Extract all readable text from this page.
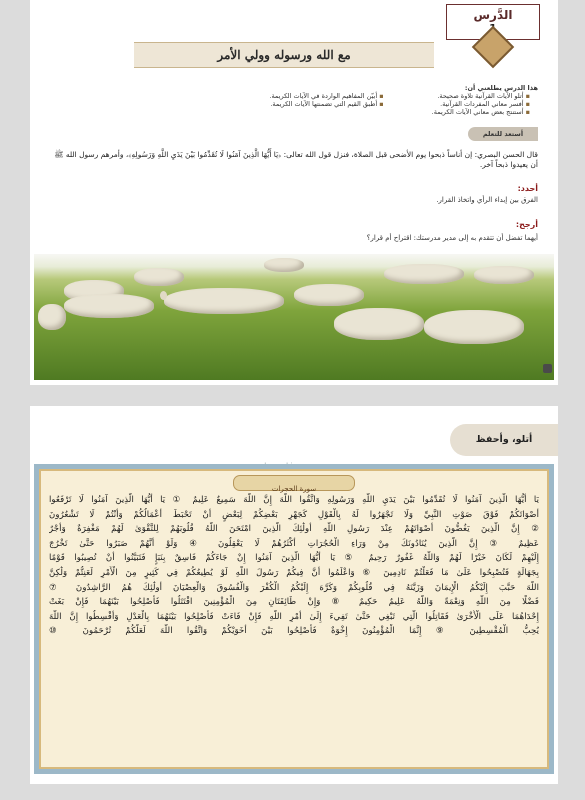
الدَّرس
مع الله ورسوله وولي الأمر
هذا الدرس يطلعني أن:
▪ أتلو الآيات القرآنية تلاوة صحيحة.
▪ أفسر معاني المفردات القرآنية.
▪ أستنتج بعض معاني الآيات الكريمة.
▪ أبيّن المفاهيم الواردة في الآيات الكريمة.
▪ أطبق القيم التي تضمنتها الآيات الكريمة.
أستعد للتعلم
قال الحسن البصري: إن أناساً ذبحوا يوم الأضحى قبل الصلاة، فنزل قول الله تعالى: ﴿يَا أَيُّهَا الَّذِينَ آمَنُوا لَا تُقَدِّمُوا بَيْنَ يَدَيِ اللَّهِ وَرَسُولِهِ﴾، وأمرهم رسول الله ﷺ أن يعيدوا ذبحاً آخر.
أحدد:
الفرق بين إبداء الرأي واتخاذ القرار.
أرجح:
أيهما تفضل أن تتقدم به إلى مدير مدرستك: اقتراح أم قرار؟
أتلو، وأحفظ
سورة الحجرات
يَا أَيُّهَا الَّذِينَ آمَنُوا لَا تُقَدِّمُوا بَيْنَ يَدَيِ اللَّهِ وَرَسُولِهِ وَاتَّقُوا اللَّهَ إِنَّ اللَّهَ سَمِيعٌ عَلِيمٌ ① يَا أَيُّهَا الَّذِينَ آمَنُوا لَا تَرْفَعُوا
أَصْوَاتَكُمْ فَوْقَ صَوْتِ النَّبِيِّ وَلَا تَجْهَرُوا لَهُ بِالْقَوْلِ كَجَهْرِ بَعْضِكُمْ لِبَعْضٍ أَنْ تَحْبَطَ أَعْمَالُكُمْ وَأَنْتُمْ لَا تَشْعُرُونَ
② إِنَّ الَّذِينَ يَغُضُّونَ أَصْوَاتَهُمْ عِنْدَ رَسُولِ اللَّهِ أُولَٰئِكَ الَّذِينَ امْتَحَنَ اللَّهُ قُلُوبَهُمْ لِلتَّقْوَىٰ لَهُمْ مَغْفِرَةٌ وَأَجْرٌ
عَظِيمٌ ③ إِنَّ الَّذِينَ يُنَادُونَكَ مِنْ وَرَاءِ الْحُجُرَاتِ أَكْثَرُهُمْ لَا يَعْقِلُونَ ④ وَلَوْ أَنَّهُمْ صَبَرُوا حَتَّىٰ تَخْرُجَ
إِلَيْهِمْ لَكَانَ خَيْرًا لَهُمْ وَاللَّهُ غَفُورٌ رَحِيمٌ ⑤ يَا أَيُّهَا الَّذِينَ آمَنُوا إِنْ جَاءَكُمْ فَاسِقٌ بِنَبَإٍ فَتَبَيَّنُوا أَنْ تُصِيبُوا قَوْمًا
بِجَهَالَةٍ فَتُصْبِحُوا عَلَىٰ مَا فَعَلْتُمْ نَادِمِينَ ⑥ وَاعْلَمُوا أَنَّ فِيكُمْ رَسُولَ اللَّهِ لَوْ يُطِيعُكُمْ فِي كَثِيرٍ مِنَ الْأَمْرِ لَعَنِتُّمْ وَلَٰكِنَّ
اللَّهَ حَبَّبَ إِلَيْكُمُ الْإِيمَانَ وَزَيَّنَهُ فِي قُلُوبِكُمْ وَكَرَّهَ إِلَيْكُمُ الْكُفْرَ وَالْفُسُوقَ وَالْعِصْيَانَ أُولَٰئِكَ هُمُ الرَّاشِدُونَ ⑦
فَضْلًا مِنَ اللَّهِ وَنِعْمَةً وَاللَّهُ عَلِيمٌ حَكِيمٌ ⑧ وَإِنْ طَائِفَتَانِ مِنَ الْمُؤْمِنِينَ اقْتَتَلُوا فَأَصْلِحُوا بَيْنَهُمَا فَإِنْ بَغَتْ
إِحْدَاهُمَا عَلَى الْأُخْرَىٰ فَقَاتِلُوا الَّتِي تَبْغِي حَتَّىٰ تَفِيءَ إِلَىٰ أَمْرِ اللَّهِ فَإِنْ فَاءَتْ فَأَصْلِحُوا بَيْنَهُمَا بِالْعَدْلِ وَأَقْسِطُوا إِنَّ اللَّهَ
يُحِبُّ الْمُقْسِطِينَ ⑨ إِنَّمَا الْمُؤْمِنُونَ إِخْوَةٌ فَأَصْلِحُوا بَيْنَ أَخَوَيْكُمْ وَاتَّقُوا اللَّهَ لَعَلَّكُمْ تُرْحَمُونَ ⑩
